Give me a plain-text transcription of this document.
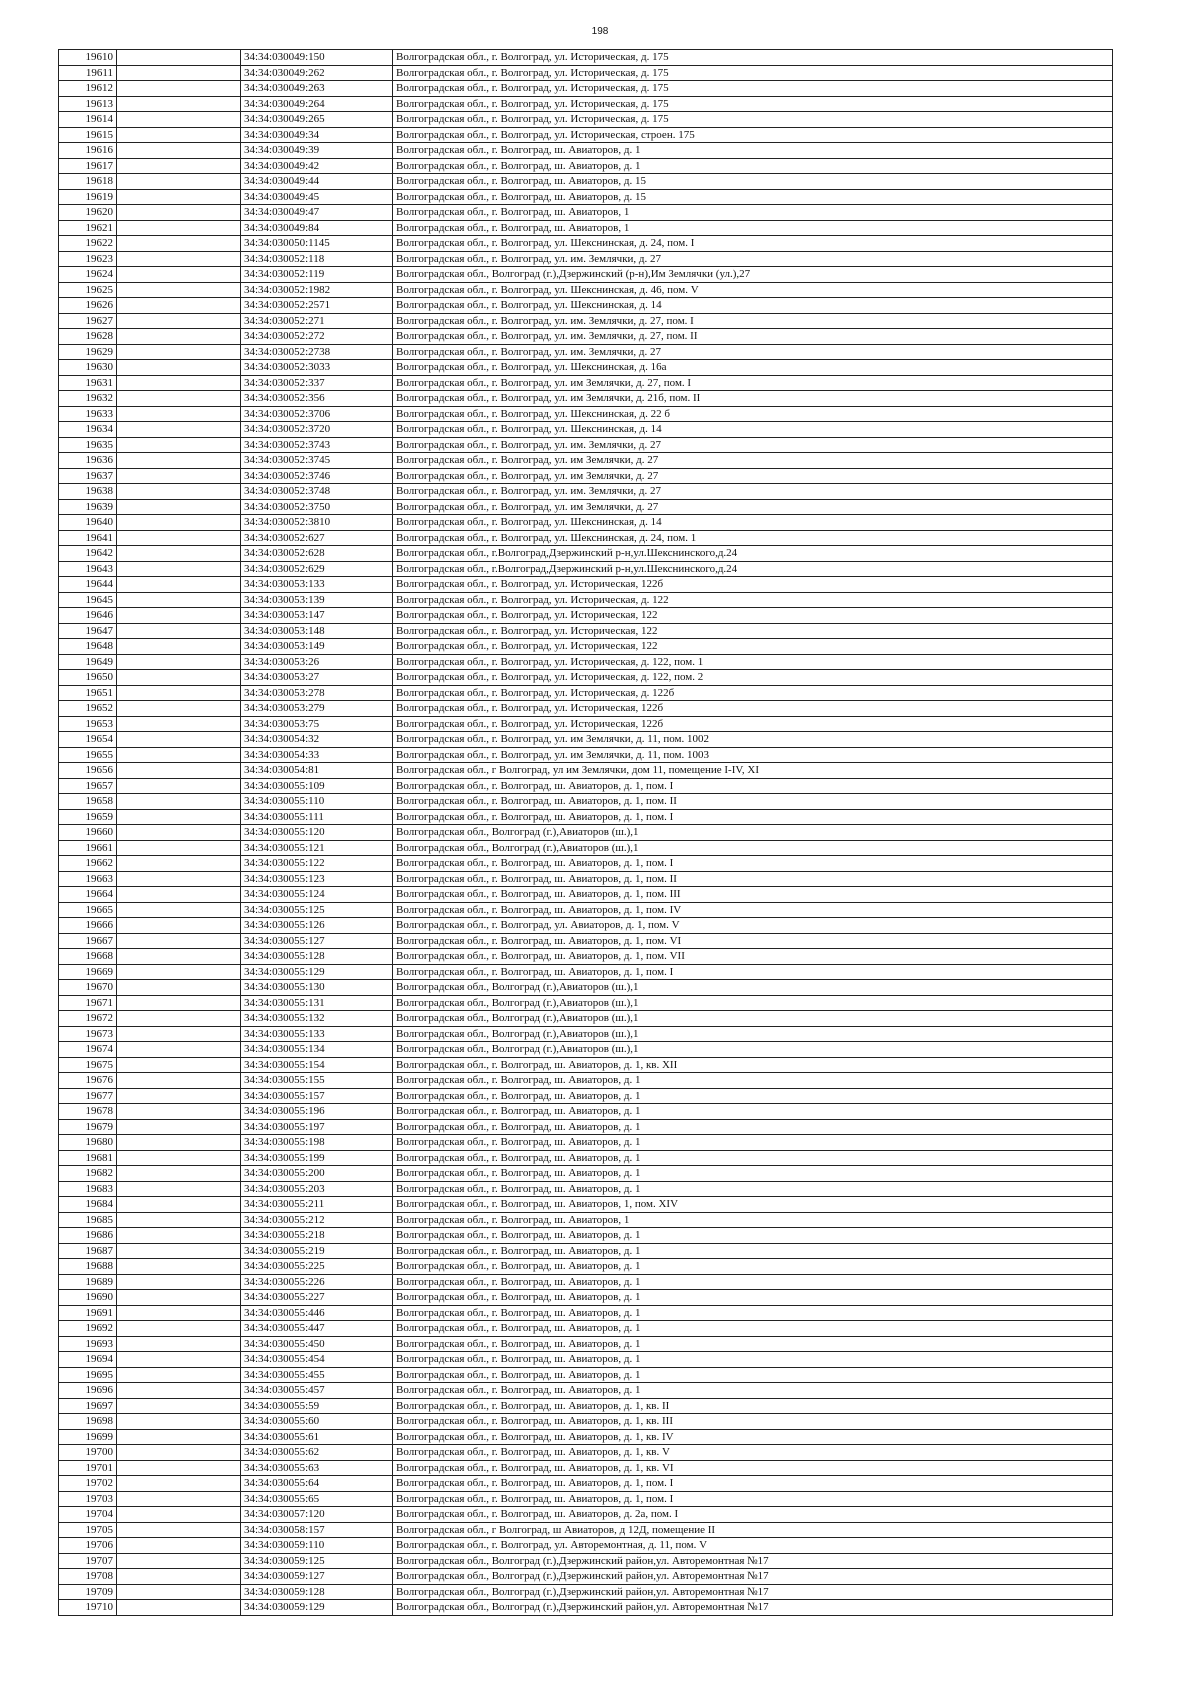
198
19610		34:34:030049:150	Волгоградская обл., г. Волгоград, ул. Историческая, д. 175
19611		34:34:030049:262	Волгоградская обл., г. Волгоград, ул. Историческая, д. 175
19612		34:34:030049:263	Волгоградская обл., г. Волгоград, ул. Историческая, д. 175
19613		34:34:030049:264	Волгоградская обл., г. Волгоград, ул. Историческая, д. 175
19614		34:34:030049:265	Волгоградская обл., г. Волгоград, ул. Историческая, д. 175
19615		34:34:030049:34	Волгоградская обл., г. Волгоград, ул. Историческая, строен. 175
19616		34:34:030049:39	Волгоградская обл., г. Волгоград, ш. Авиаторов, д. 1
19617		34:34:030049:42	Волгоградская обл., г. Волгоград, ш. Авиаторов, д. 1
19618		34:34:030049:44	Волгоградская обл., г. Волгоград, ш. Авиаторов, д. 15
19619		34:34:030049:45	Волгоградская обл., г. Волгоград, ш. Авиаторов, д. 15
19620		34:34:030049:47	Волгоградская обл., г. Волгоград, ш. Авиаторов, 1
19621		34:34:030049:84	Волгоградская обл., г. Волгоград, ш. Авиаторов, 1
19622		34:34:030050:1145	Волгоградская обл., г. Волгоград, ул. Шекснинская, д. 24, пом. I
19623		34:34:030052:118	Волгоградская обл., г. Волгоград, ул. им. Землячки, д. 27
19624		34:34:030052:119	Волгоградская обл., Волгоград (г.),Дзержинский (р-н),Им Землячки (ул.),27
19625		34:34:030052:1982	Волгоградская обл., г. Волгоград, ул. Шекснинская, д. 46, пом. V
19626		34:34:030052:2571	Волгоградская обл., г. Волгоград, ул. Шекснинская, д. 14
19627		34:34:030052:271	Волгоградская обл., г. Волгоград, ул. им. Землячки, д. 27, пом. I
19628		34:34:030052:272	Волгоградская обл., г. Волгоград, ул. им. Землячки, д. 27, пом. II
19629		34:34:030052:2738	Волгоградская обл., г. Волгоград, ул. им. Землячки, д. 27
19630		34:34:030052:3033	Волгоградская обл., г. Волгоград, ул. Шекснинская, д. 16а
19631		34:34:030052:337	Волгоградская обл., г. Волгоград, ул. им Землячки, д. 27, пом. I
19632		34:34:030052:356	Волгоградская обл., г. Волгоград, ул. им Землячки, д. 21б, пом. II
19633		34:34:030052:3706	Волгоградская обл., г. Волгоград, ул. Шекснинская, д. 22 б
19634		34:34:030052:3720	Волгоградская обл., г. Волгоград, ул. Шекснинская, д. 14
19635		34:34:030052:3743	Волгоградская обл., г. Волгоград, ул. им. Землячки, д. 27
19636		34:34:030052:3745	Волгоградская обл., г. Волгоград, ул. им Землячки, д. 27
19637		34:34:030052:3746	Волгоградская обл., г. Волгоград, ул. им Землячки, д. 27
19638		34:34:030052:3748	Волгоградская обл., г. Волгоград, ул. им. Землячки, д. 27
19639		34:34:030052:3750	Волгоградская обл., г. Волгоград, ул. им Землячки, д. 27
19640		34:34:030052:3810	Волгоградская обл., г. Волгоград, ул. Шекснинская, д. 14
19641		34:34:030052:627	Волгоградская обл., г. Волгоград, ул. Шекснинская, д. 24, пом. 1
19642		34:34:030052:628	Волгоградская обл., г.Волгоград,Дзержинский р-н,ул.Шекснинского,д.24
19643		34:34:030052:629	Волгоградская обл., г.Волгоград,Дзержинский р-н,ул.Шекснинского,д.24
19644		34:34:030053:133	Волгоградская обл., г. Волгоград, ул. Историческая, 122б
19645		34:34:030053:139	Волгоградская обл., г. Волгоград, ул. Историческая, д. 122
19646		34:34:030053:147	Волгоградская обл., г. Волгоград, ул. Историческая, 122
19647		34:34:030053:148	Волгоградская обл., г. Волгоград, ул. Историческая, 122
19648		34:34:030053:149	Волгоградская обл., г. Волгоград, ул. Историческая, 122
19649		34:34:030053:26	Волгоградская обл., г. Волгоград, ул. Историческая, д. 122, пом. 1
19650		34:34:030053:27	Волгоградская обл., г. Волгоград, ул. Историческая, д. 122, пом. 2
19651		34:34:030053:278	Волгоградская обл., г. Волгоград, ул. Историческая, д. 122б
19652		34:34:030053:279	Волгоградская обл., г. Волгоград, ул. Историческая, 122б
19653		34:34:030053:75	Волгоградская обл., г. Волгоград, ул. Историческая, 122б
19654		34:34:030054:32	Волгоградская обл., г. Волгоград, ул. им Землячки, д. 11, пом. 1002
19655		34:34:030054:33	Волгоградская обл., г. Волгоград, ул. им Землячки, д. 11, пом. 1003
19656		34:34:030054:81	Волгоградская обл., г Волгоград, ул им Землячки, дом 11, помещение I-IV, XI
19657		34:34:030055:109	Волгоградская обл., г. Волгоград, ш. Авиаторов, д. 1, пом. I
19658		34:34:030055:110	Волгоградская обл., г. Волгоград, ш. Авиаторов, д. 1, пом. II
19659		34:34:030055:111	Волгоградская обл., г. Волгоград, ш. Авиаторов, д. 1, пом. I
19660		34:34:030055:120	Волгоградская обл., Волгоград (г.),Авиаторов (ш.),1
19661		34:34:030055:121	Волгоградская обл., Волгоград (г.),Авиаторов (ш.),1
19662		34:34:030055:122	Волгоградская обл., г. Волгоград, ш. Авиаторов, д. 1, пом. I
19663		34:34:030055:123	Волгоградская обл., г. Волгоград, ш. Авиаторов, д. 1, пом. II
19664		34:34:030055:124	Волгоградская обл., г. Волгоград, ш. Авиаторов, д. 1, пом. III
19665		34:34:030055:125	Волгоградская обл., г. Волгоград, ш. Авиаторов, д. 1, пом. IV
19666		34:34:030055:126	Волгоградская обл., г. Волгоград, ул. Авиаторов, д. 1, пом. V
19667		34:34:030055:127	Волгоградская обл., г. Волгоград, ш. Авиаторов, д. 1, пом. VI
19668		34:34:030055:128	Волгоградская обл., г. Волгоград, ш. Авиаторов, д. 1, пом. VII
19669		34:34:030055:129	Волгоградская обл., г. Волгоград, ш. Авиаторов, д. 1, пом. I
19670		34:34:030055:130	Волгоградская обл., Волгоград (г.),Авиаторов (ш.),1
19671		34:34:030055:131	Волгоградская обл., Волгоград (г.),Авиаторов (ш.),1
19672		34:34:030055:132	Волгоградская обл., Волгоград (г.),Авиаторов (ш.),1
19673		34:34:030055:133	Волгоградская обл., Волгоград (г.),Авиаторов (ш.),1
19674		34:34:030055:134	Волгоградская обл., Волгоград (г.),Авиаторов (ш.),1
19675		34:34:030055:154	Волгоградская обл., г. Волгоград, ш. Авиаторов, д. 1, кв. XII
19676		34:34:030055:155	Волгоградская обл., г. Волгоград, ш. Авиаторов, д. 1
19677		34:34:030055:157	Волгоградская обл., г. Волгоград, ш. Авиаторов, д. 1
19678		34:34:030055:196	Волгоградская обл., г. Волгоград, ш. Авиаторов, д. 1
19679		34:34:030055:197	Волгоградская обл., г. Волгоград, ш. Авиаторов, д. 1
19680		34:34:030055:198	Волгоградская обл., г. Волгоград, ш. Авиаторов, д. 1
19681		34:34:030055:199	Волгоградская обл., г. Волгоград, ш. Авиаторов, д. 1
19682		34:34:030055:200	Волгоградская обл., г. Волгоград, ш. Авиаторов, д. 1
19683		34:34:030055:203	Волгоградская обл., г. Волгоград, ш. Авиаторов, д. 1
19684		34:34:030055:211	Волгоградская обл., г. Волгоград, ш. Авиаторов, 1, пом. XIV
19685		34:34:030055:212	Волгоградская обл., г. Волгоград, ш. Авиаторов, 1
19686		34:34:030055:218	Волгоградская обл., г. Волгоград, ш. Авиаторов, д. 1
19687		34:34:030055:219	Волгоградская обл., г. Волгоград, ш. Авиаторов, д. 1
19688		34:34:030055:225	Волгоградская обл., г. Волгоград, ш. Авиаторов, д. 1
19689		34:34:030055:226	Волгоградская обл., г. Волгоград, ш. Авиаторов, д. 1
19690		34:34:030055:227	Волгоградская обл., г. Волгоград, ш. Авиаторов, д. 1
19691		34:34:030055:446	Волгоградская обл., г. Волгоград, ш. Авиаторов, д. 1
19692		34:34:030055:447	Волгоградская обл., г. Волгоград, ш. Авиаторов, д. 1
19693		34:34:030055:450	Волгоградская обл., г. Волгоград, ш. Авиаторов, д. 1
19694		34:34:030055:454	Волгоградская обл., г. Волгоград, ш. Авиаторов, д. 1
19695		34:34:030055:455	Волгоградская обл., г. Волгоград, ш. Авиаторов, д. 1
19696		34:34:030055:457	Волгоградская обл., г. Волгоград, ш. Авиаторов, д. 1
19697		34:34:030055:59	Волгоградская обл., г. Волгоград, ш. Авиаторов, д. 1, кв. II
19698		34:34:030055:60	Волгоградская обл., г. Волгоград, ш. Авиаторов, д. 1, кв. III
19699		34:34:030055:61	Волгоградская обл., г. Волгоград, ш. Авиаторов, д. 1, кв. IV
19700		34:34:030055:62	Волгоградская обл., г. Волгоград, ш. Авиаторов, д. 1, кв. V
19701		34:34:030055:63	Волгоградская обл., г. Волгоград, ш. Авиаторов, д. 1, кв. VI
19702		34:34:030055:64	Волгоградская обл., г. Волгоград, ш. Авиаторов, д. 1, пом. I
19703		34:34:030055:65	Волгоградская обл., г. Волгоград, ш. Авиаторов, д. 1, пом. I
19704		34:34:030057:120	Волгоградская обл., г. Волгоград, ш. Авиаторов, д. 2а, пом. I
19705		34:34:030058:157	Волгоградская обл., г Волгоград, ш Авиаторов, д 12Д, помещение II
19706		34:34:030059:110	Волгоградская обл., г. Волгоград, ул. Авторемонтная, д. 11, пом. V
19707		34:34:030059:125	Волгоградская обл., Волгоград (г.),Дзержинский район,ул. Авторемонтная №17
19708		34:34:030059:127	Волгоградская обл., Волгоград (г.),Дзержинский район,ул. Авторемонтная №17
19709		34:34:030059:128	Волгоградская обл., Волгоград (г.),Дзержинский район,ул. Авторемонтная №17
19710		34:34:030059:129	Волгоградская обл., Волгоград (г.),Дзержинский район,ул. Авторемонтная №17
